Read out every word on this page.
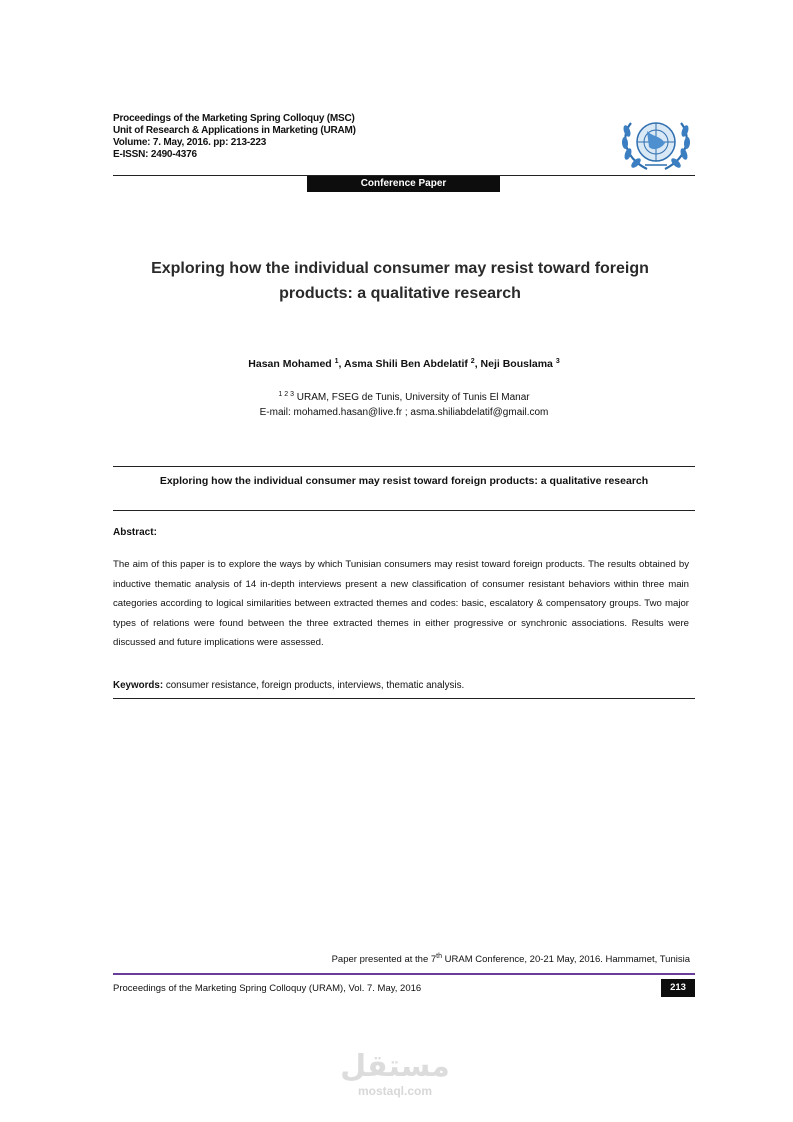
Proceedings of the Marketing Spring Colloquy (MSC)
Unit of Research & Applications in Marketing (URAM)
Volume: 7. May, 2016. pp: 213-223
E-ISSN: 2490-4376
Conference Paper
Exploring how the individual consumer may resist toward foreign
products: a qualitative research
Hasan Mohamed $^1$, Asma Shili Ben Abdelatif $^2$, Neji Bouslama $^3$
$^{1 2 3}$ URAM, FSEG de Tunis, University of Tunis El Manar
E-mail: mohamed.hasan@live.fr ; asma.shiliabdelatif@gmail.com
Exploring how the individual consumer may resist toward foreign products: a qualitative research
Abstract:
The aim of this paper is to explore the ways by which Tunisian consumers may resist toward foreign products. The results obtained by inductive thematic analysis of 14 in-depth interviews present a new classification of consumer resistant behaviors within three main categories according to logical similarities between extracted themes and codes: basic, escalatory & compensatory groups. Two major types of relations were found between the three extracted themes in either progressive or synchronic associations. Results were discussed and future implications were assessed.
Keywords: consumer resistance, foreign products, interviews, thematic analysis.
Paper presented at the 7th URAM Conference, 20-21 May, 2016. Hammamet, Tunisia
Proceedings of the Marketing Spring Colloquy (URAM), Vol. 7. May, 2016	213
مستقل
mostaql.com
